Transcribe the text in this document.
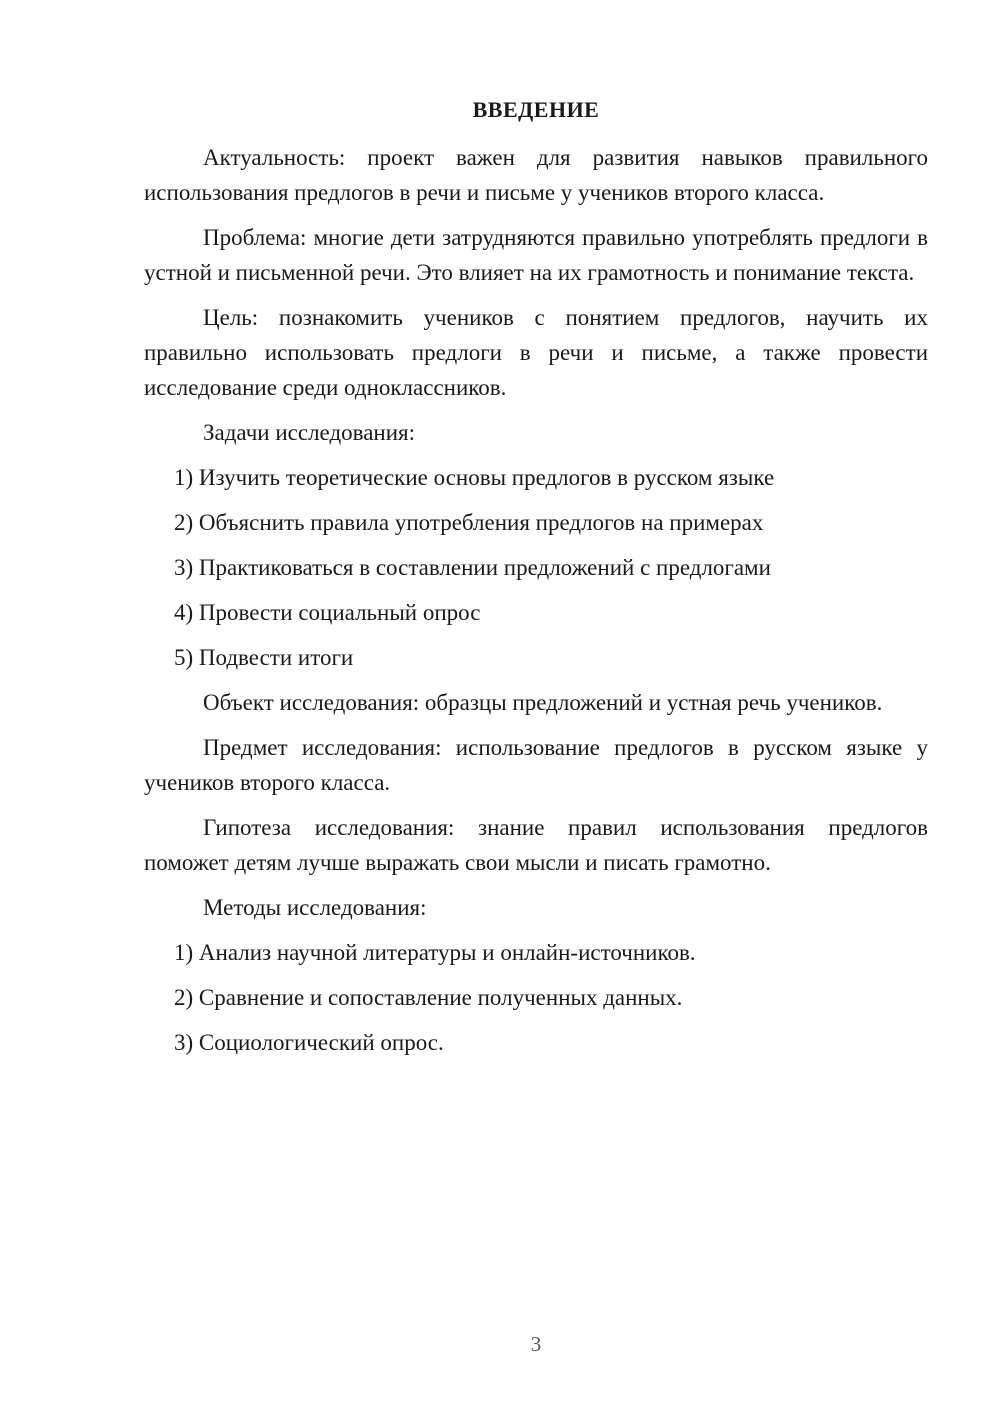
ВВЕДЕНИЕ

Актуальность: проект важен для развития навыков правильного использования предлогов в речи и письме у учеников второго класса.

Проблема: многие дети затрудняются правильно употреблять предлоги в устной и письменной речи. Это влияет на их грамотность и понимание текста.

Цель: познакомить учеников с понятием предлогов, научить их правильно использовать предлоги в речи и письме, а также провести исследование среди одноклассников.

Задачи исследования:

1) Изучить теоретические основы предлогов в русском языке
2) Объяснить правила употребления предлогов на примерах
3) Практиковаться в составлении предложений с предлогами
4) Провести социальный опрос
5) Подвести итоги

Объект исследования: образцы предложений и устная речь учеников.

Предмет исследования: использование предлогов в русском языке у учеников второго класса.

Гипотеза исследования: знание правил использования предлогов поможет детям лучше выражать свои мысли и писать грамотно.

Методы исследования:

1) Анализ научной литературы и онлайн-источников.
2) Сравнение и сопоставление полученных данных.
3) Социологический опрос.
3
